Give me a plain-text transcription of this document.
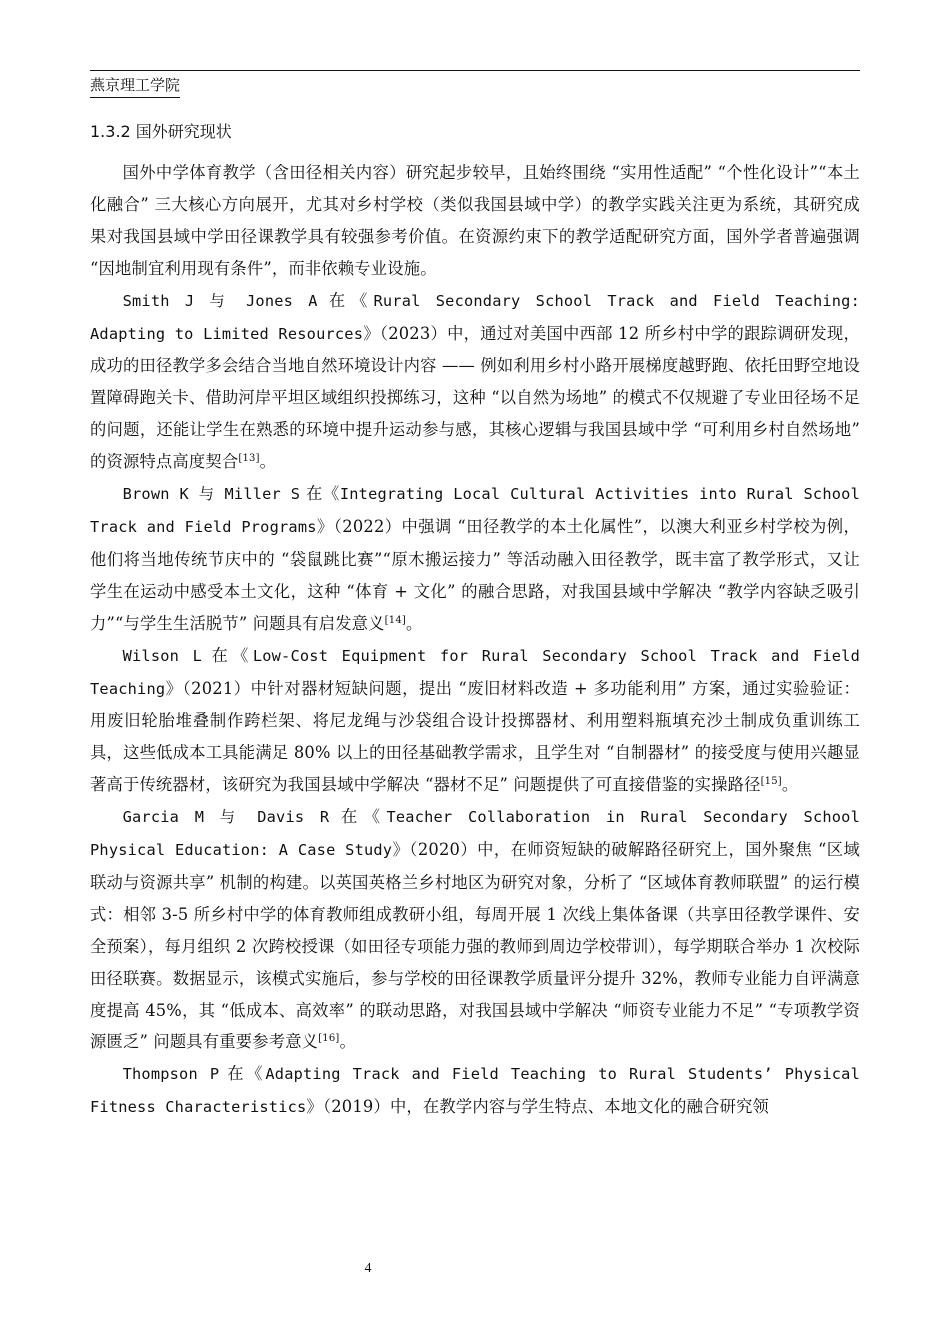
燕京理工学院
1.3.2 国外研究现状

国外中学体育教学（含田径相关内容）研究起步较早，且始终围绕 “实用性适配” “个性化设计”“本土化融合” 三大核心方向展开，尤其对乡村学校（类似我国县域中学）的教学实践关注更为系统，其研究成果对我国县域中学田径课教学具有较强参考价值。在资源约束下的教学适配研究方面，国外学者普遍强调 “因地制宜利用现有条件”，而非依赖专业设施。

Smith J 与 Jones A 在《Rural Secondary School Track and Field Teaching: Adapting to Limited Resources》（2023）中，通过对美国中西部 12 所乡村中学的跟踪调研发现，成功的田径教学多会结合当地自然环境设计内容 —— 例如利用乡村小路开展梯度越野跑、依托田野空地设置障碍跑关卡、借助河岸平坦区域组织投掷练习，这种 “以自然为场地” 的模式不仅规避了专业田径场不足的问题，还能让学生在熟悉的环境中提升运动参与感，其核心逻辑与我国县域中学 “可利用乡村自然场地” 的资源特点高度契合[13]。

Brown K 与 Miller S 在《Integrating Local Cultural Activities into Rural School Track and Field Programs》（2022）中强调 “田径教学的本土化属性”，以澳大利亚乡村学校为例，他们将当地传统节庆中的 “袋鼠跳比赛”“原木搬运接力” 等活动融入田径教学，既丰富了教学形式，又让学生在运动中感受本土文化，这种 “体育 + 文化” 的融合思路，对我国县域中学解决 “教学内容缺乏吸引力”“与学生生活脱节” 问题具有启发意义[14]。

Wilson L 在《Low-Cost Equipment for Rural Secondary School Track and Field Teaching》（2021）中针对器材短缺问题，提出 “废旧材料改造 + 多功能利用” 方案，通过实验验证：用废旧轮胎堆叠制作跨栏架、将尼龙绳与沙袋组合设计投掷器材、利用塑料瓶填充沙土制成负重训练工具，这些低成本工具能满足 80% 以上的田径基础教学需求，且学生对 “自制器材” 的接受度与使用兴趣显著高于传统器材，该研究为我国县域中学解决 “器材不足” 问题提供了可直接借鉴的实操路径[15]。

Garcia M 与 Davis R 在《Teacher Collaboration in Rural Secondary School Physical Education: A Case Study》（2020）中，在师资短缺的破解路径研究上，国外聚焦 “区域联动与资源共享” 机制的构建。以英国英格兰乡村地区为研究对象，分析了 “区域体育教师联盟” 的运行模式：相邻 3-5 所乡村中学的体育教师组成教研小组，每周开展 1 次线上集体备课（共享田径教学课件、安全预案），每月组织 2 次跨校授课（如田径专项能力强的教师到周边学校带训），每学期联合举办 1 次校际田径联赛。数据显示，该模式实施后，参与学校的田径课教学质量评分提升 32%，教师专业能力自评满意度提高 45%，其 “低成本、高效率” 的联动思路，对我国县域中学解决 “师资专业能力不足” “专项教学资源匮乏” 问题具有重要参考意义[16]。

Thompson P 在《Adapting Track and Field Teaching to Rural Students’ Physical Fitness Characteristics》（2019）中，在教学内容与学生特点、本地文化的融合研究领

4
